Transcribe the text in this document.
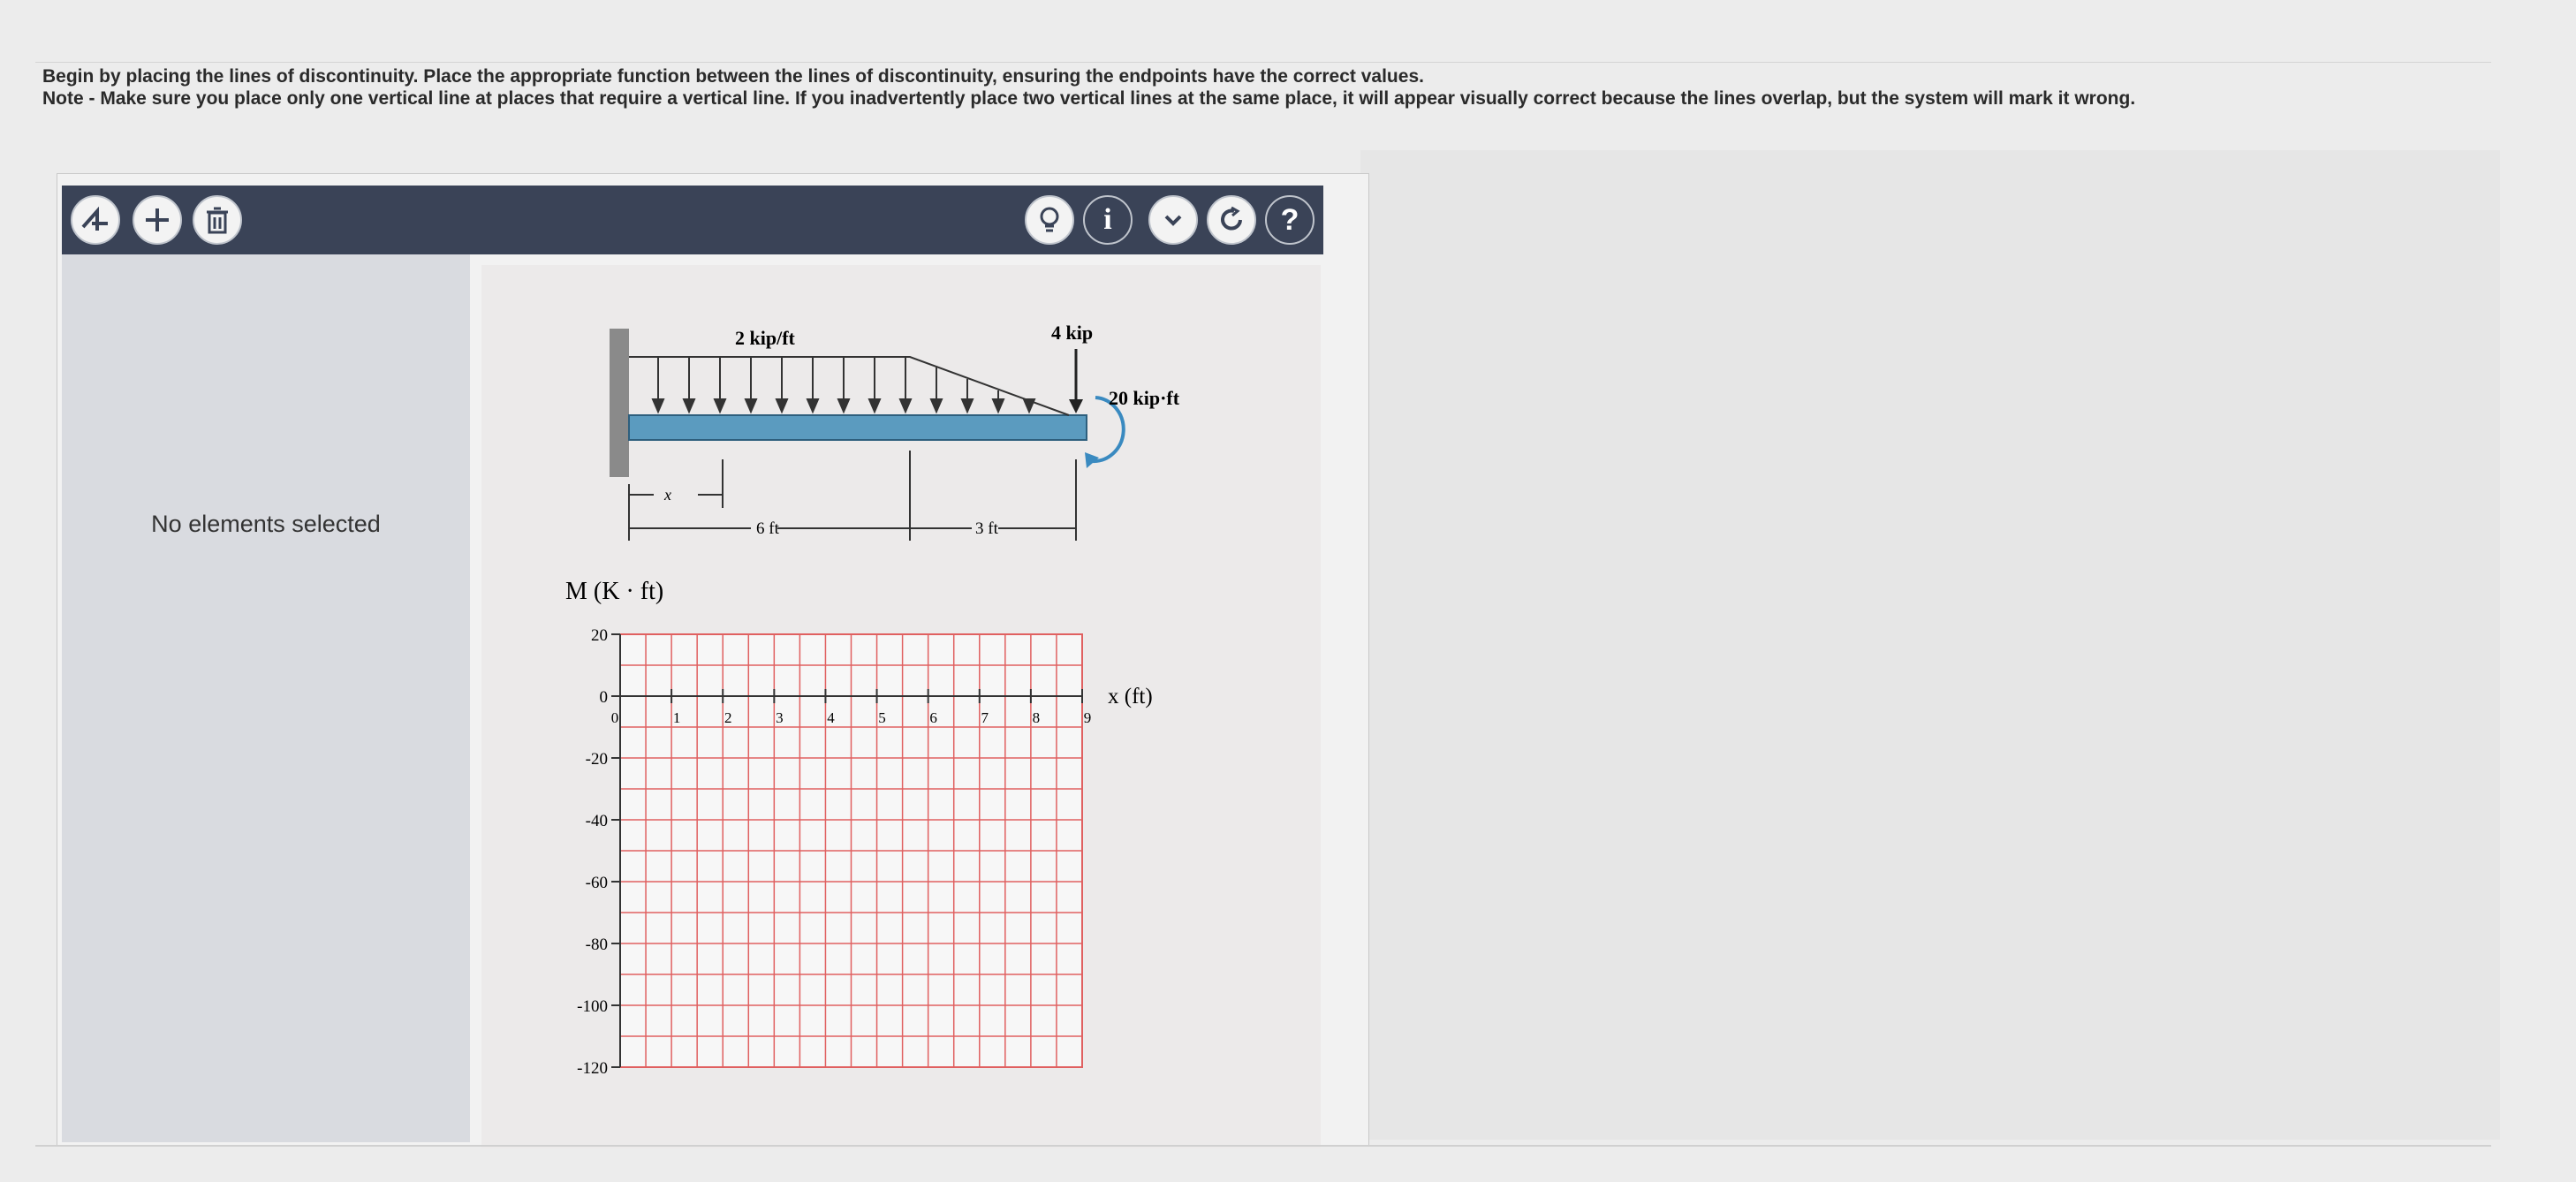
Begin by placing the lines of discontinuity. Place the appropriate function between the lines of discontinuity, ensuring the endpoints have the correct values.

Note - Make sure you place only one vertical line at places that require a vertical line. If you inadvertently place two vertical lines at the same place, it will appear visually correct because the lines overlap, but the system will mark it wrong.

i	?
No elements selected
2 kip/ft	4 kip
20 kip·ft
x
6 ft	3 ft
M (K · ft)
x (ft)
20
0
-20
-40
-60
-80
-100
-120
0	1	2	3	4	5	6	7	8	9
